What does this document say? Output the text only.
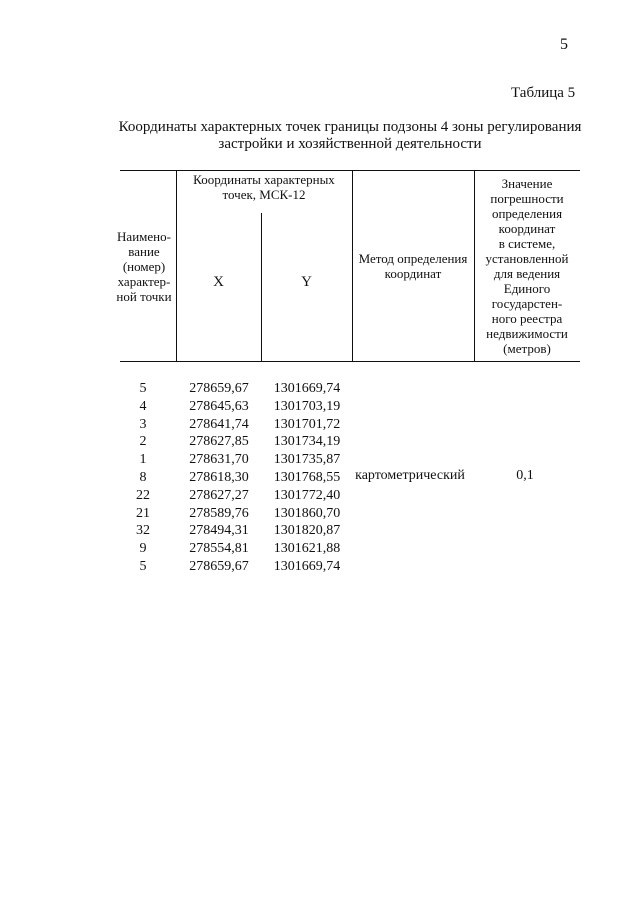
5
Таблица 5
Координаты характерных точек границы подзоны 4 зоны регулирования
застройки и хозяйственной деятельности
Наимено-
вание
(номер)
характер-
ной точки
Координаты характерных
точек, МСК-12
X	Y
Метод определения
координат
Значение
погрешности
определения
координат
в системе,
установленной
для ведения
Единого
государстен-
ного реестра
недвижимости
(метров)
5	278659,67	1301669,74
4	278645,63	1301703,19
3	278641,74	1301701,72
2	278627,85	1301734,19
1	278631,70	1301735,87
8	278618,30	1301768,55
22	278627,27	1301772,40
21	278589,76	1301860,70
32	278494,31	1301820,87
9	278554,81	1301621,88
5	278659,67	1301669,74
картометрический	0,1
